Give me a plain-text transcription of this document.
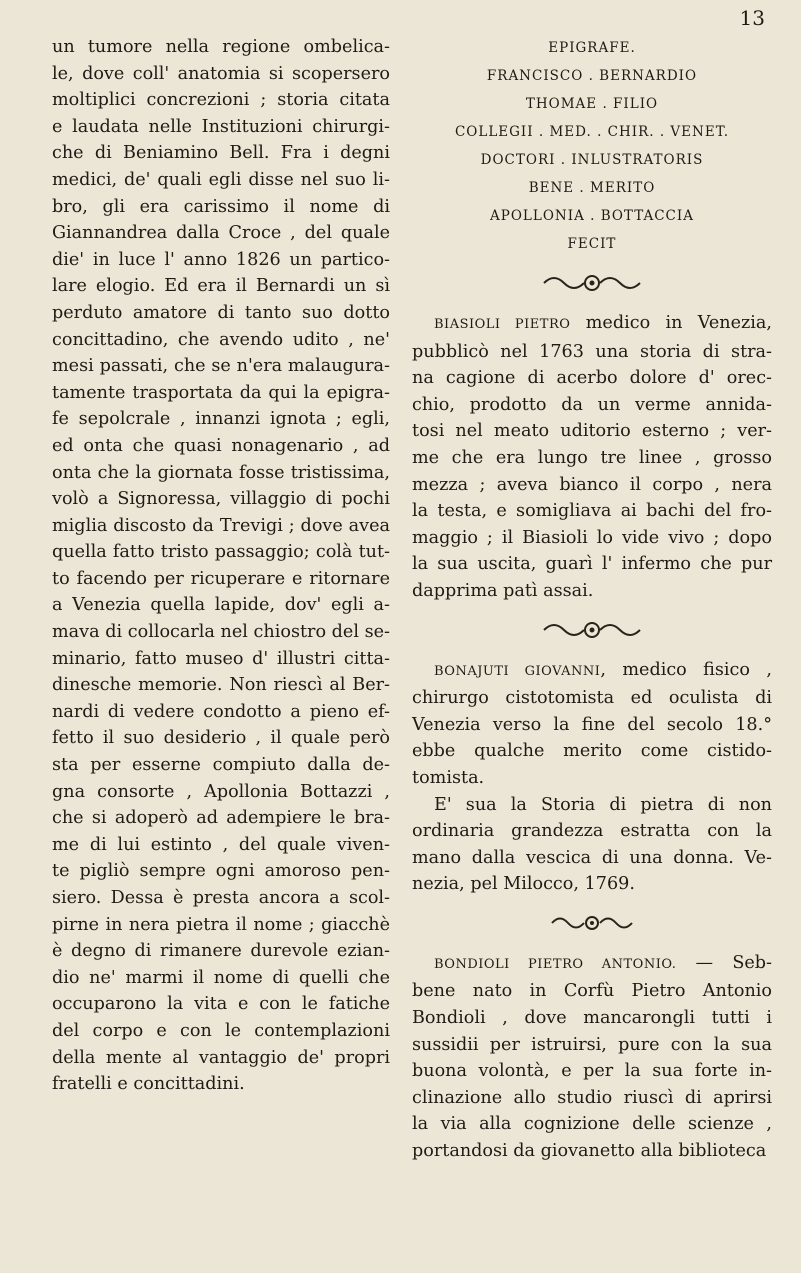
13
un tumore nella regione ombelica-
le, dove coll' anatomia si scopersero
moltiplici concrezioni ; storia citata
e laudata nelle Instituzioni chirurgi-
che di Beniamino Bell. Fra i degni
medici, de' quali egli disse nel suo li-
bro, gli era carissimo il nome di
Giannandrea dalla Croce , del quale
die' in luce l' anno 1826 un partico-
lare elogio. Ed era il Bernardi un sì
perduto amatore di tanto suo dotto
concittadino, che avendo udito , ne'
mesi passati, che se n'era malaugura-
tamente trasportata da qui la epigra-
fe sepolcrale , innanzi ignota ; egli,
ed onta che quasi nonagenario , ad
onta che la giornata fosse tristissima,
volò a Signoressa, villaggio di pochi
miglia discosto da Trevigi ; dove avea
quella fatto tristo passaggio; colà tut-
to facendo per ricuperare e ritornare
a Venezia quella lapide, dov' egli a-
mava di collocarla nel chiostro del se-
minario, fatto museo d' illustri citta-
dinesche memorie. Non riescì al Ber-
nardi di vedere condotto a pieno ef-
fetto il suo desiderio , il quale però
sta per esserne compiuto dalla de-
gna consorte , Apollonia Bottazzi ,
che si adoperò ad adempiere le bra-
me di lui estinto , del quale viven-
te pigliò sempre ogni amoroso pen-
siero. Dessa è presta ancora a scol-
pirne in nera pietra il nome ; giacchè
è degno di rimanere durevole ezian-
dio ne' marmi il nome di quelli che
occuparono la vita e con le fatiche
del corpo e con le contemplazioni
della mente al vantaggio de' propri
fratelli e concittadini.
EPIGRAFE.
FRANCISCO . BERNARDIO
THOMAE . FILIO
COLLEGII . MED. . CHIR. . VENET.
DOCTORI . INLUSTRATORIS
BENE . MERITO
APOLLONIA . BOTTACCIA
FECIT
BIASIOLI PIETRO medico in Venezia,
pubblicò nel 1763 una storia di stra-
na cagione di acerbo dolore d' orec-
chio, prodotto da un verme annida-
tosi nel meato uditorio esterno ; ver-
me che era lungo tre linee , grosso
mezza ; aveva bianco il corpo , nera
la testa, e somigliava ai bachi del fro-
maggio ; il Biasioli lo vide vivo ; dopo
la sua uscita, guarì l' infermo che pur
dapprima patì assai.
BONAJUTI GIOVANNI, medico fisico ,
chirurgo cistotomista ed oculista di
Venezia verso la fine del secolo 18.°
ebbe qualche merito come cistido-
tomista.
E' sua la Storia di pietra di non
ordinaria grandezza estratta con la
mano dalla vescica di una donna. Ve-
nezia, pel Milocco, 1769.
BONDIOLI PIETRO ANTONIO. — Seb-
bene nato in Corfù Pietro Antonio
Bondioli , dove mancarongli tutti i
sussidii per istruirsi, pure con la sua
buona volontà, e per la sua forte in-
clinazione allo studio riuscì di aprirsi
la via alla cognizione delle scienze ,
portandosi da giovanetto alla biblioteca
